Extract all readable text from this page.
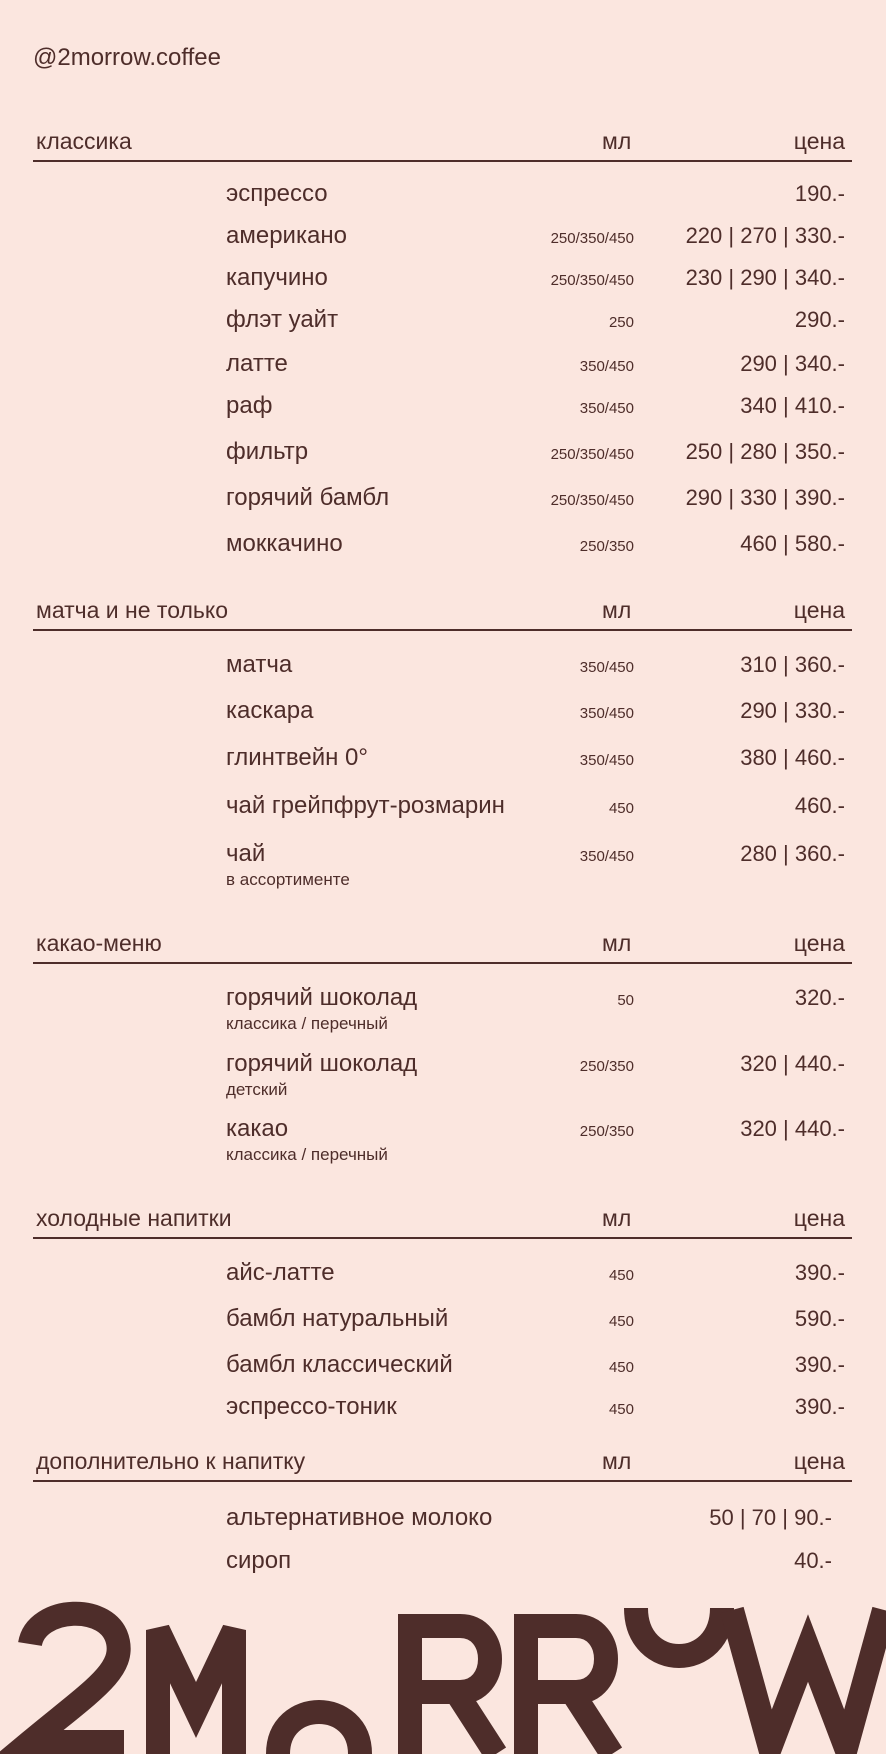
@2morrow.coffee
классика	мл	цена
эспрессо	190.-
американо	250/350/450 220 | 270 | 330.-
капучино	250/350/450 230 | 290 | 340.-
флэт уайт	250	290.-
латте	350/450	290 | 340.-
раф	350/450	340 | 410.-
фильтр	250/350/450 250 | 280 | 350.-
горячий бамбл	250/350/450 290 | 330 | 390.-
моккачино	250/350	460 | 580.-
матча и не только	мл	цена
матча	350/450	310 | 360.-
каскара	350/450	290 | 330.-
глинтвейн 0°	350/450	380 | 460.-
чай грейпфрут-розмарин	450	460.-
чай
в ассортименте
350/450	280 | 360.-
какао-меню	мл	цена
горячий шоколад
классика / перечный
50	320.-
горячий шоколад
детский
250/350	320 | 440.-
какао
классика / перечный
250/350	320 | 440.-
холодные напитки	мл	цена
айс-латте	450	390.-
бамбл натуральный	450	590.-
бамбл классический	450	390.-
эспрессо-тоник	450	390.-
дополнительно к напитку	мл	цена
альтернативное молоко	50 | 70 | 90.-
сироп	40.-
